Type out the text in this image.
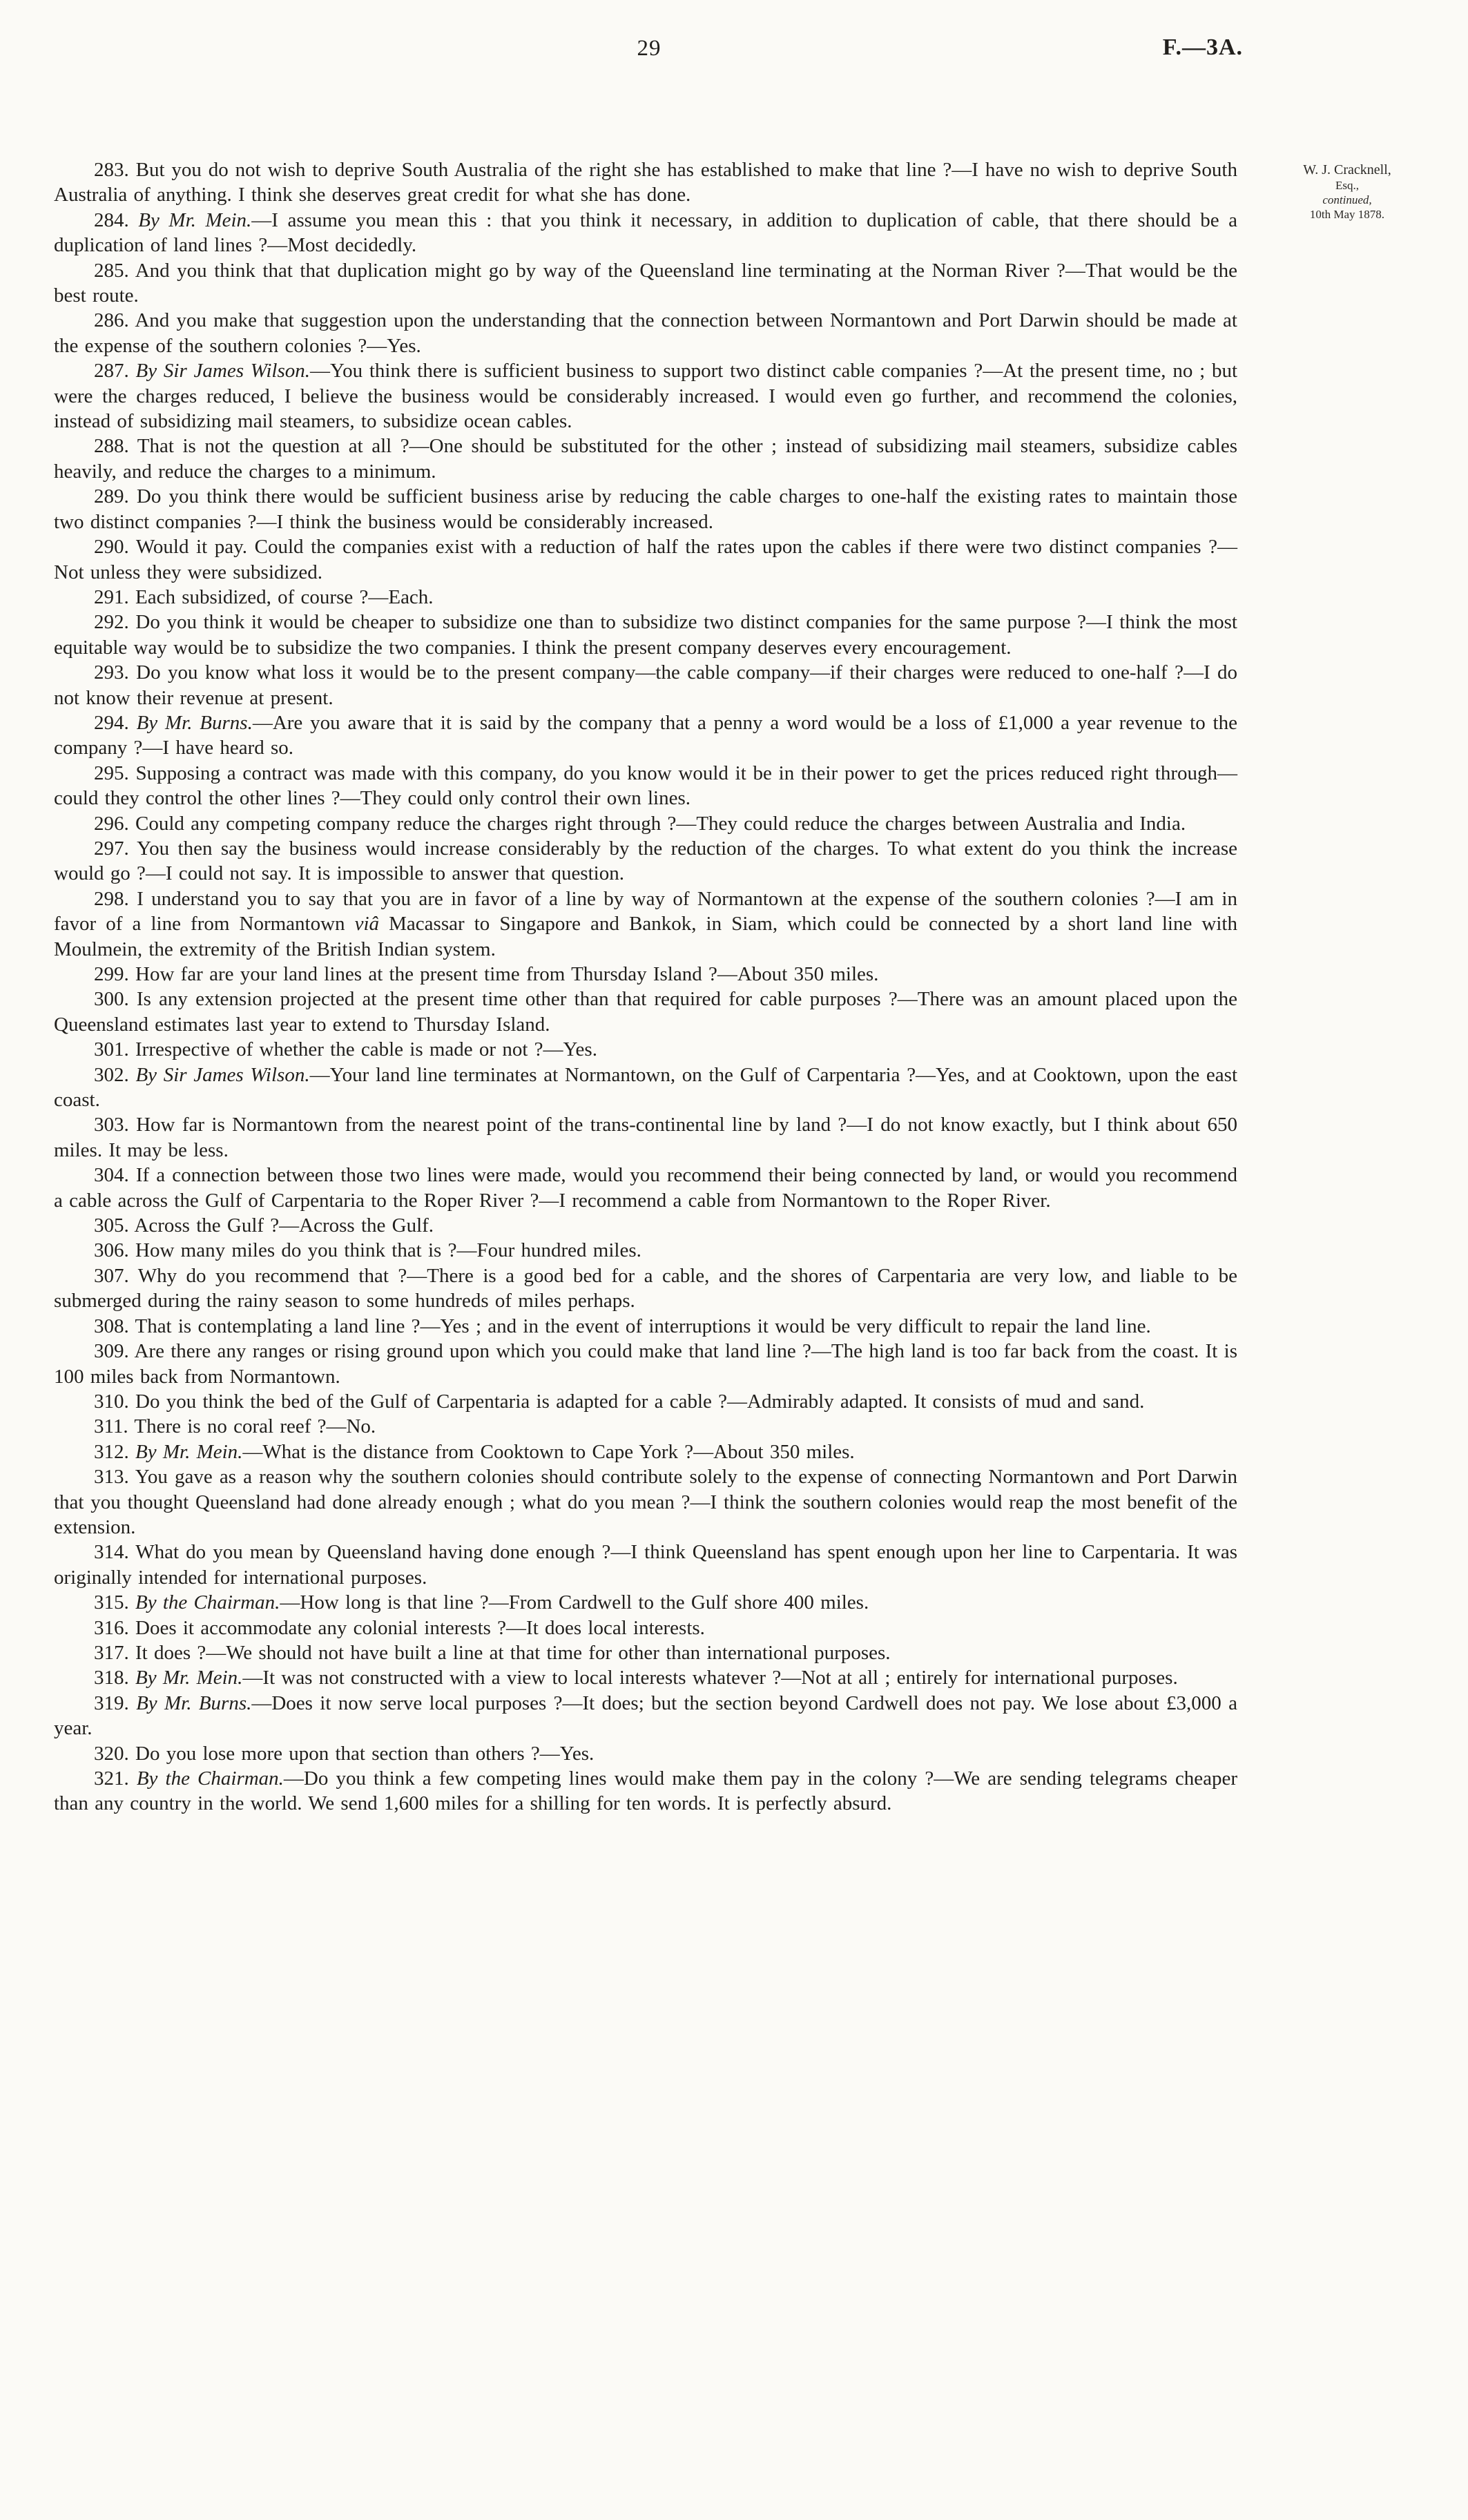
29	F.—3A.
W. J. Cracknell,
Esq.,
continued,
10th May 1878.

283. But you do not wish to deprive South Australia of the right she has established to make that line ?—I have no wish to deprive South Australia of anything. I think she deserves great credit for what she has done.

284. By Mr. Mein.—I assume you mean this : that you think it necessary, in addition to duplication of cable, that there should be a duplication of land lines ?—Most decidedly.

285. And you think that that duplication might go by way of the Queensland line terminating at the Norman River ?—That would be the best route.

286. And you make that suggestion upon the understanding that the connection between Normantown and Port Darwin should be made at the expense of the southern colonies ?—Yes.

287. By Sir James Wilson.—You think there is sufficient business to support two distinct cable companies ?—At the present time, no ; but were the charges reduced, I believe the business would be considerably increased. I would even go further, and recommend the colonies, instead of subsidizing mail steamers, to subsidize ocean cables.

288. That is not the question at all ?—One should be substituted for the other ; instead of subsidizing mail steamers, subsidize cables heavily, and reduce the charges to a minimum.

289. Do you think there would be sufficient business arise by reducing the cable charges to one-half the existing rates to maintain those two distinct companies ?—I think the business would be considerably increased.

290. Would it pay. Could the companies exist with a reduction of half the rates upon the cables if there were two distinct companies ?—Not unless they were subsidized.

291. Each subsidized, of course ?—Each.

292. Do you think it would be cheaper to subsidize one than to subsidize two distinct companies for the same purpose ?—I think the most equitable way would be to subsidize the two companies. I think the present company deserves every encouragement.

293. Do you know what loss it would be to the present company—the cable company—if their charges were reduced to one-half ?—I do not know their revenue at present.

294. By Mr. Burns.—Are you aware that it is said by the company that a penny a word would be a loss of £1,000 a year revenue to the company ?—I have heard so.

295. Supposing a contract was made with this company, do you know would it be in their power to get the prices reduced right through—could they control the other lines ?—They could only control their own lines.

296. Could any competing company reduce the charges right through ?—They could reduce the charges between Australia and India.

297. You then say the business would increase considerably by the reduction of the charges. To what extent do you think the increase would go ?—I could not say. It is impossible to answer that question.

298. I understand you to say that you are in favor of a line by way of Normantown at the expense of the southern colonies ?—I am in favor of a line from Normantown viâ Macassar to Singapore and Bankok, in Siam, which could be connected by a short land line with Moulmein, the extremity of the British Indian system.

299. How far are your land lines at the present time from Thursday Island ?—About 350 miles.

300. Is any extension projected at the present time other than that required for cable purposes ?—There was an amount placed upon the Queensland estimates last year to extend to Thursday Island.

301. Irrespective of whether the cable is made or not ?—Yes.

302. By Sir James Wilson.—Your land line terminates at Normantown, on the Gulf of Carpentaria ?—Yes, and at Cooktown, upon the east coast.

303. How far is Normantown from the nearest point of the trans-continental line by land ?—I do not know exactly, but I think about 650 miles. It may be less.

304. If a connection between those two lines were made, would you recommend their being connected by land, or would you recommend a cable across the Gulf of Carpentaria to the Roper River ?—I recommend a cable from Normantown to the Roper River.

305. Across the Gulf ?—Across the Gulf.

306. How many miles do you think that is ?—Four hundred miles.

307. Why do you recommend that ?—There is a good bed for a cable, and the shores of Carpentaria are very low, and liable to be submerged during the rainy season to some hundreds of miles perhaps.

308. That is contemplating a land line ?—Yes ; and in the event of interruptions it would be very difficult to repair the land line.

309. Are there any ranges or rising ground upon which you could make that land line ?—The high land is too far back from the coast. It is 100 miles back from Normantown.

310. Do you think the bed of the Gulf of Carpentaria is adapted for a cable ?—Admirably adapted. It consists of mud and sand.

311. There is no coral reef ?—No.

312. By Mr. Mein.—What is the distance from Cooktown to Cape York ?—About 350 miles.

313. You gave as a reason why the southern colonies should contribute solely to the expense of connecting Normantown and Port Darwin that you thought Queensland had done already enough ; what do you mean ?—I think the southern colonies would reap the most benefit of the extension.

314. What do you mean by Queensland having done enough ?—I think Queensland has spent enough upon her line to Carpentaria. It was originally intended for international purposes.

315. By the Chairman.—How long is that line ?—From Cardwell to the Gulf shore 400 miles.

316. Does it accommodate any colonial interests ?—It does local interests.

317. It does ?—We should not have built a line at that time for other than international purposes.

318. By Mr. Mein.—It was not constructed with a view to local interests whatever ?—Not at all ; entirely for international purposes.

319. By Mr. Burns.—Does it now serve local purposes ?—It does; but the section beyond Cardwell does not pay. We lose about £3,000 a year.

320. Do you lose more upon that section than others ?—Yes.

321. By the Chairman.—Do you think a few competing lines would make them pay in the colony ?—We are sending telegrams cheaper than any country in the world. We send 1,600 miles for a shilling for ten words. It is perfectly absurd.
